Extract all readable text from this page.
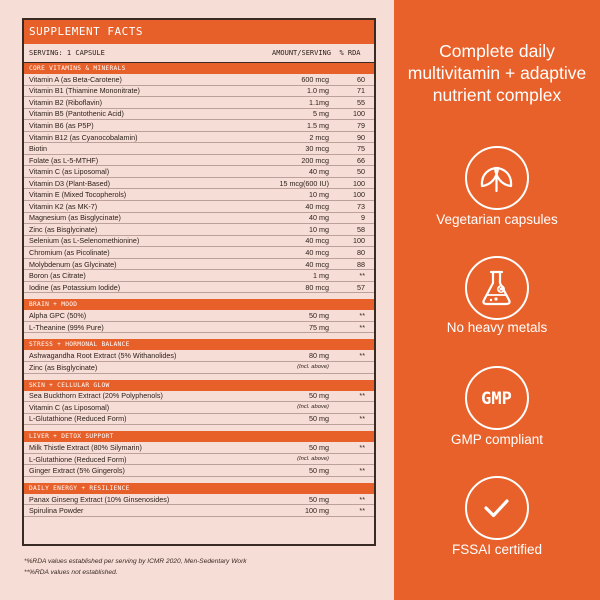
SUPPLEMENT FACTS
SERVING: 1 CAPSULE	AMOUNT/SERVING	% RDA
CORE VITAMINS & MINERALS
Vitamin A (as Beta-Carotene)	600 mcg	60
Vitamin B1 (Thiamine Mononitrate)	1.0 mg	71
Vitamin B2 (Riboflavin)	1.1mg	55
Vitamin B5 (Pantothenic Acid)	5 mg	100
Vitamin B6 (as P5P)	1.5 mg	79
Vitamin B12 (as Cyanocobalamin)	2 mcg	90
Biotin	30 mcg	75
Folate (as L-5-MTHF)	200 mcg	66
Vitamin C (as Liposomal)	40 mg	50
Vitamin D3 (Plant-Based)	15 mcg(600 IU)	100
Vitamin E (Mixed Tocopherols)	10 mg	100
Vitamin K2 (as MK-7)	40 mcg	73
Magnesium (as Bisglycinate)	40 mg	9
Zinc (as Bisglycinate)	10 mg	58
Selenium (as L-Selenomethionine)	40 mcg	100
Chromium (as Picolinate)	40 mcg	80
Molybdenum (as Glycinate)	40 mcg	88
Boron (as Citrate)	1 mg	**
Iodine (as Potassium Iodide)	80 mcg	57
BRAIN + MOOD
Alpha GPC (50%)	50 mg	**
L-Theanine (99% Pure)	75 mg	**
STRESS + HORMONAL BALANCE
Ashwagandha Root Extract (5% Withanolides)	80 mg	**
Zinc (as Bisglycinate)	(Incl. above)
SKIN + CELLULAR GLOW
Sea Buckthorn Extract (20% Polyphenols)	50 mg	**
Vitamin C (as Liposomal)	(Incl. above)
L-Glutathione (Reduced Form)	50 mg	**
LIVER + DETOX SUPPORT
Milk Thistle Extract (80% Silymarin)	50 mg	**
L-Glutathione (Reduced Form)	(Incl. above)
Ginger Extract (5% Gingerols)	50 mg	**
DAILY ENERGY + RESILIENCE
Panax Ginseng Extract (10% Ginsenosides)	50 mg	**
Spirulina Powder	100 mg	**

*%RDA values established per serving by ICMR 2020, Men-Sedentary Work

**%RDA values not established.

Complete daily multivitamin + adaptive nutrient complex
Vegetarian capsules
No heavy metals
GMP
GMP compliant
FSSAI certified
